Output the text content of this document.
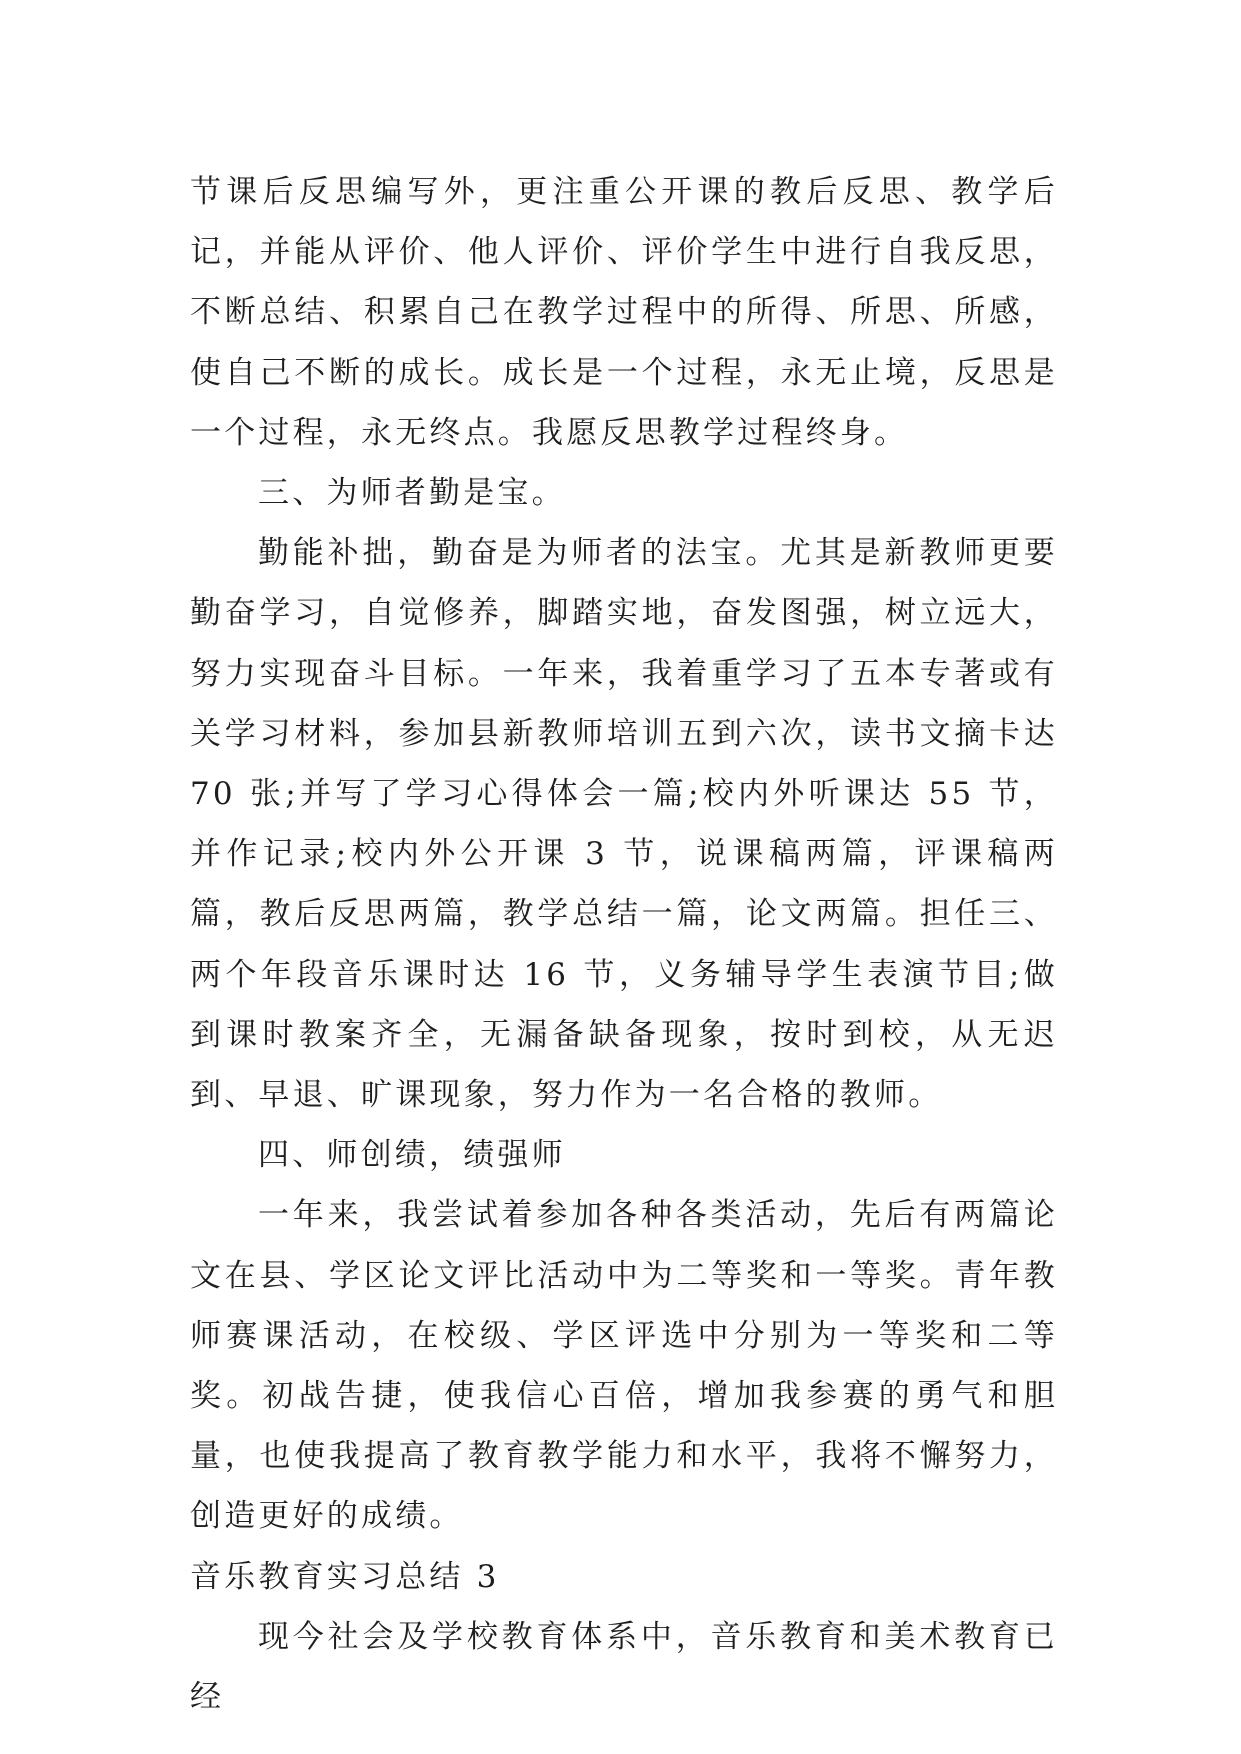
节课后反思编写外，更注重公开课的教后反思、教学后记，并能从评价、他人评价、评价学生中进行自我反思，不断总结、积累自己在教学过程中的所得、所思、所感，使自己不断的成长。成长是一个过程，永无止境，反思是一个过程，永无终点。我愿反思教学过程终身。

三、为师者勤是宝。

勤能补拙，勤奋是为师者的法宝。尤其是新教师更要勤奋学习，自觉修养，脚踏实地，奋发图强，树立远大，努力实现奋斗目标。一年来，我着重学习了五本专著或有关学习材料，参加县新教师培训五到六次，读书文摘卡达 70 张;并写了学习心得体会一篇;校内外听课达 55 节，并作记录;校内外公开课 3 节，说课稿两篇，评课稿两篇，教后反思两篇，教学总结一篇，论文两篇。担任三、两个年段音乐课时达 16 节，义务辅导学生表演节目;做到课时教案齐全，无漏备缺备现象，按时到校，从无迟到、早退、旷课现象，努力作为一名合格的教师。

四、师创绩，绩强师

一年来，我尝试着参加各种各类活动，先后有两篇论文在县、学区论文评比活动中为二等奖和一等奖。青年教师赛课活动，在校级、学区评选中分别为一等奖和二等奖。初战告捷，使我信心百倍，增加我参赛的勇气和胆量，也使我提高了教育教学能力和水平，我将不懈努力，创造更好的成绩。

音乐教育实习总结 3

现今社会及学校教育体系中，音乐教育和美术教育已经
